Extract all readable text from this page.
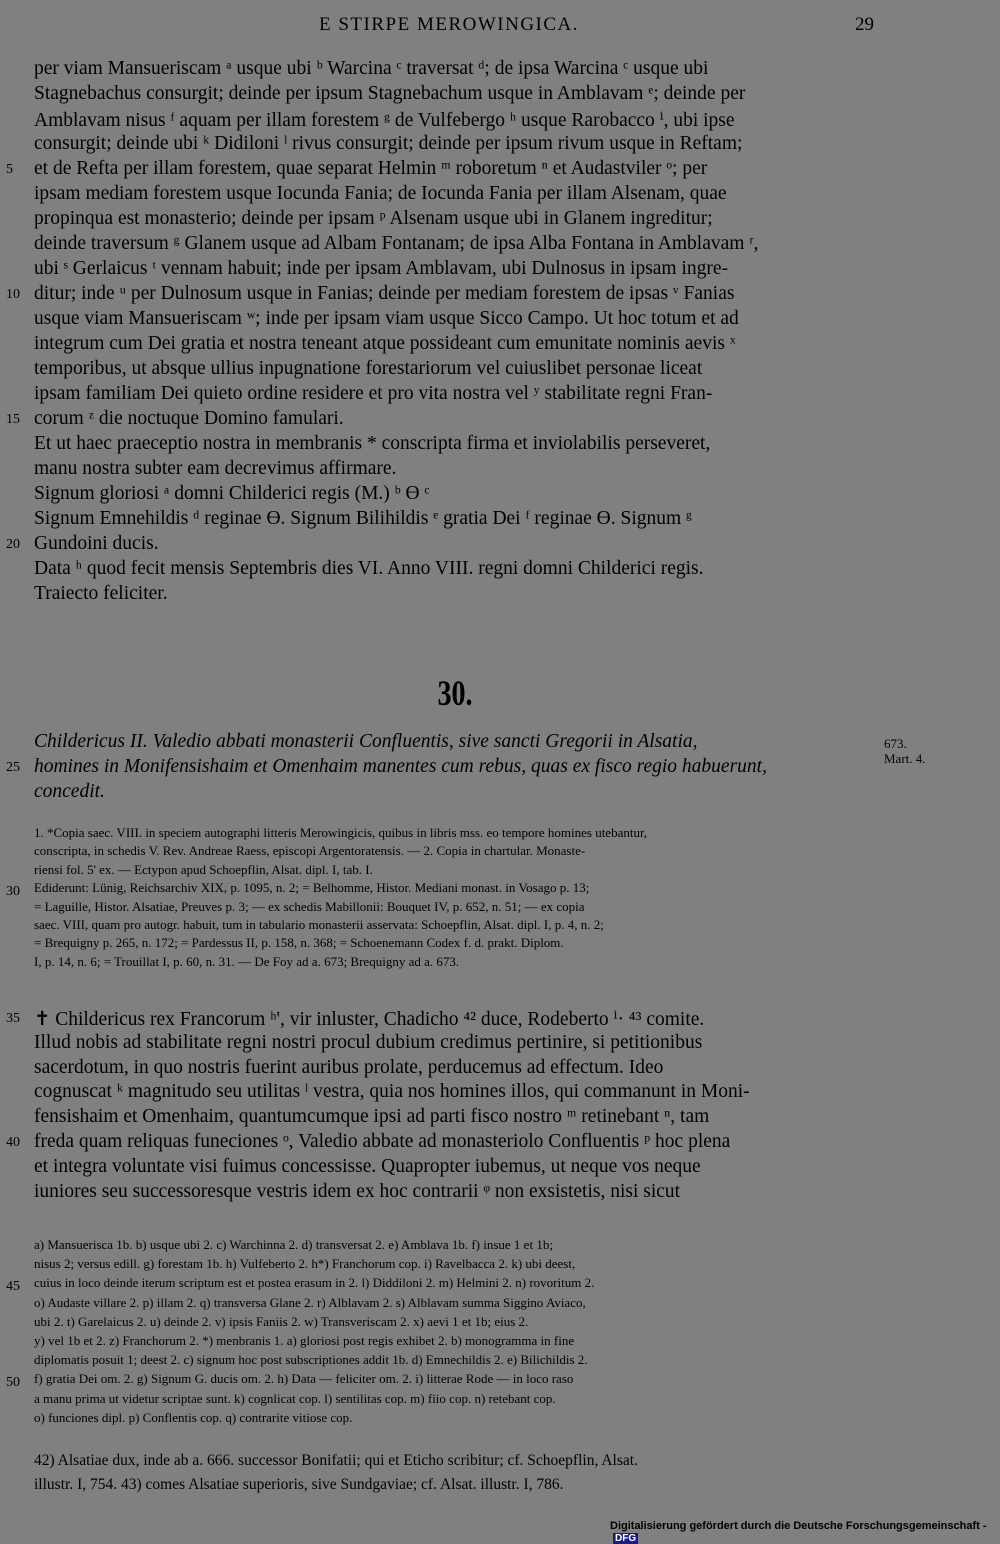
E STIRPE MEROWINGICA.	29
per viam Mansueriscam ᵃ usque ubi ᵇ Warcina ᶜ traversat ᵈ; de ipsa Warcina ᶜ usque ubi
Stagnebachus consurgit; deinde per ipsum Stagnebachum usque in Amblavam ᵉ; deinde per
Amblavam nisus ᶠ aquam per illam forestem ᵍ de Vulfebergo ʰ usque Rarobacco ⁱ, ubi ipse
consurgit; deinde ubi ᵏ Didiloni ˡ rivus consurgit; deinde per ipsum rivum usque in Reftam;
et de Refta per illam forestem, quae separat Helmin ᵐ roboretum ⁿ et Audastviler ᵒ; per
5
ipsam mediam forestem usque Iocunda Fania; de Iocunda Fania per illam Alsenam, quae
propinqua est monasterio; deinde per ipsam ᵖ Alsenam usque ubi in Glanem ingreditur;
deinde traversum ᵍ Glanem usque ad Albam Fontanam; de ipsa Alba Fontana in Amblavam ʳ,
ubi ˢ Gerlaicus ᵗ vennam habuit; inde per ipsam Amblavam, ubi Dulnosus in ipsam ingre-
ditur; inde ᵘ per Dulnosum usque in Fanias; deinde per mediam forestem de ipsas ᵛ Fanias
10
usque viam Mansueriscam ʷ; inde per ipsam viam usque Sicco Campo. Ut hoc totum et ad
integrum cum Dei gratia et nostra teneant atque possideant cum emunitate nominis aevis ˣ
temporibus, ut absque ullius inpugnatione forestariorum vel cuiuslibet personae liceat
ipsam familiam Dei quieto ordine residere et pro vita nostra vel ʸ stabilitate regni Fran-
corum ᶻ die noctuque Domino famulari.
15
Et ut haec praeceptio nostra in membranis * conscripta firma et inviolabilis perseveret,
manu nostra subter eam decrevimus affirmare.
Signum gloriosi ᵃ domni Childerici regis (M.) ᵇ ϴ ᶜ
Signum Emnehildis ᵈ reginae ϴ. Signum Bilihildis ᵉ gratia Dei ᶠ reginae ϴ. Signum ᵍ
Gundoini ducis.
20
Data ʰ quod fecit mensis Septembris dies VI. Anno VIII. regni domni Childerici regis.
Traiecto feliciter.
30.
Childericus II. Valedio abbati monasterii Confluentis, sive sancti Gregorii in Alsatia,
homines in Monifensishaim et Omenhaim manentes cum rebus, quas ex fisco regio habuerunt,
25
concedit.
673.
Mart. 4.
1. *Copia saec. VIII. in speciem autographi litteris Merowingicis, quibus in libris mss. eo tempore homines utebantur,
conscripta, in schedis V. Rev. Andreae Raess, episcopi Argentoratensis. — 2. Copia in chartular. Monaste-
riensi fol. 5' ex. — Ectypon apud Schoepflin, Alsat. dipl. I, tab. I.
Ediderunt: Lünig, Reichsarchiv XIX, p. 1095, n. 2; = Belhomme, Histor. Mediani monast. in Vosago p. 13;
30
= Laguille, Histor. Alsatiae, Preuves p. 3; — ex schedis Mabillonii: Bouquet IV, p. 652, n. 51; — ex copia
saec. VIII, quam pro autogr. habuit, tum in tabulario monasterii asservata: Schoepflin, Alsat. dipl. I, p. 4, n. 2;
= Brequigny p. 265, n. 172; = Pardessus II, p. 158, n. 368; = Schoenemann Codex f. d. prakt. Diplom.
I, p. 14, n. 6; = Trouillat I, p. 60, n. 31. — De Foy ad a. 673; Brequigny ad a. 673.
✝ Childericus rex Francorum ʰ', vir inluster, Chadicho ⁴² duce, Rodeberto ⁱ· ⁴³ comite.
35
Illud nobis ad stabilitate regni nostri procul dubium credimus pertinire, si petitionibus
sacerdotum, in quo nostris fuerint auribus prolate, perducemus ad effectum. Ideo
cognuscat ᵏ magnitudo seu utilitas ˡ vestra, quia nos homines illos, qui commanunt in Moni-
fensishaim et Omenhaim, quantumcumque ipsi ad parti fisco nostro ᵐ retinebant ⁿ, tam
freda quam reliquas funeciones ᵒ, Valedio abbate ad monasteriolo Confluentis ᵖ hoc plena
40
et integra voluntate visi fuimus concessisse. Quapropter iubemus, ut neque vos neque
iuniores seu successoresque vestris idem ex hoc contrarii ᵠ non exsistetis, nisi sicut
a) Mansuerisca 1b. b) usque ubi 2. c) Warchinna 2. d) transversat 2. e) Amblava 1b. f) insue 1 et 1b;
nisus 2; versus edill. g) forestam 1b. h) Vulfeberto 2. h*) Franchorum cop. i) Ravelbacca 2. k) ubi deest,
cuius in loco deinde iterum scriptum est et postea erasum in 2. l) Diddiloni 2. m) Helmini 2. n) rovoritum 2.
45
o) Audaste villare 2. p) illam 2. q) transversa Glane 2. r) Alblavam 2. s) Alblavam summa Siggino Aviaco,
ubi 2. t) Garelaicus 2. u) deinde 2. v) ipsis Faniis 2. w) Transveriscam 2. x) aevi 1 et 1b; eius 2.
y) vel 1b et 2. z) Franchorum 2. *) menbranis 1. a) gloriosi post regis exhibet 2. b) monogramma in fine
diplomatis posuit 1; deest 2. c) signum hoc post subscriptiones addit 1b. d) Emnechildis 2. e) Bilichildis 2.
f) gratia Dei om. 2. g) Signum G. ducis om. 2. h) Data — feliciter om. 2. i) litterae Rode — in loco raso
50
a manu prima ut videtur scriptae sunt. k) cognlicat cop. l) sentilitas cop. m) fiio cop. n) retebant cop.
o) funciones dipl. p) Conflentis cop. q) contrarite vitiose cop.
42) Alsatiae dux, inde ab a. 666. successor Bonifatii; qui et Eticho scribitur; cf. Schoepflin, Alsat.
illustr. I, 754. 43) comes Alsatiae superioris, sive Sundgaviae; cf. Alsat. illustr. I, 786.
Digitalisierung gefördert durch die Deutsche Forschungsgemeinschaft -DFG
